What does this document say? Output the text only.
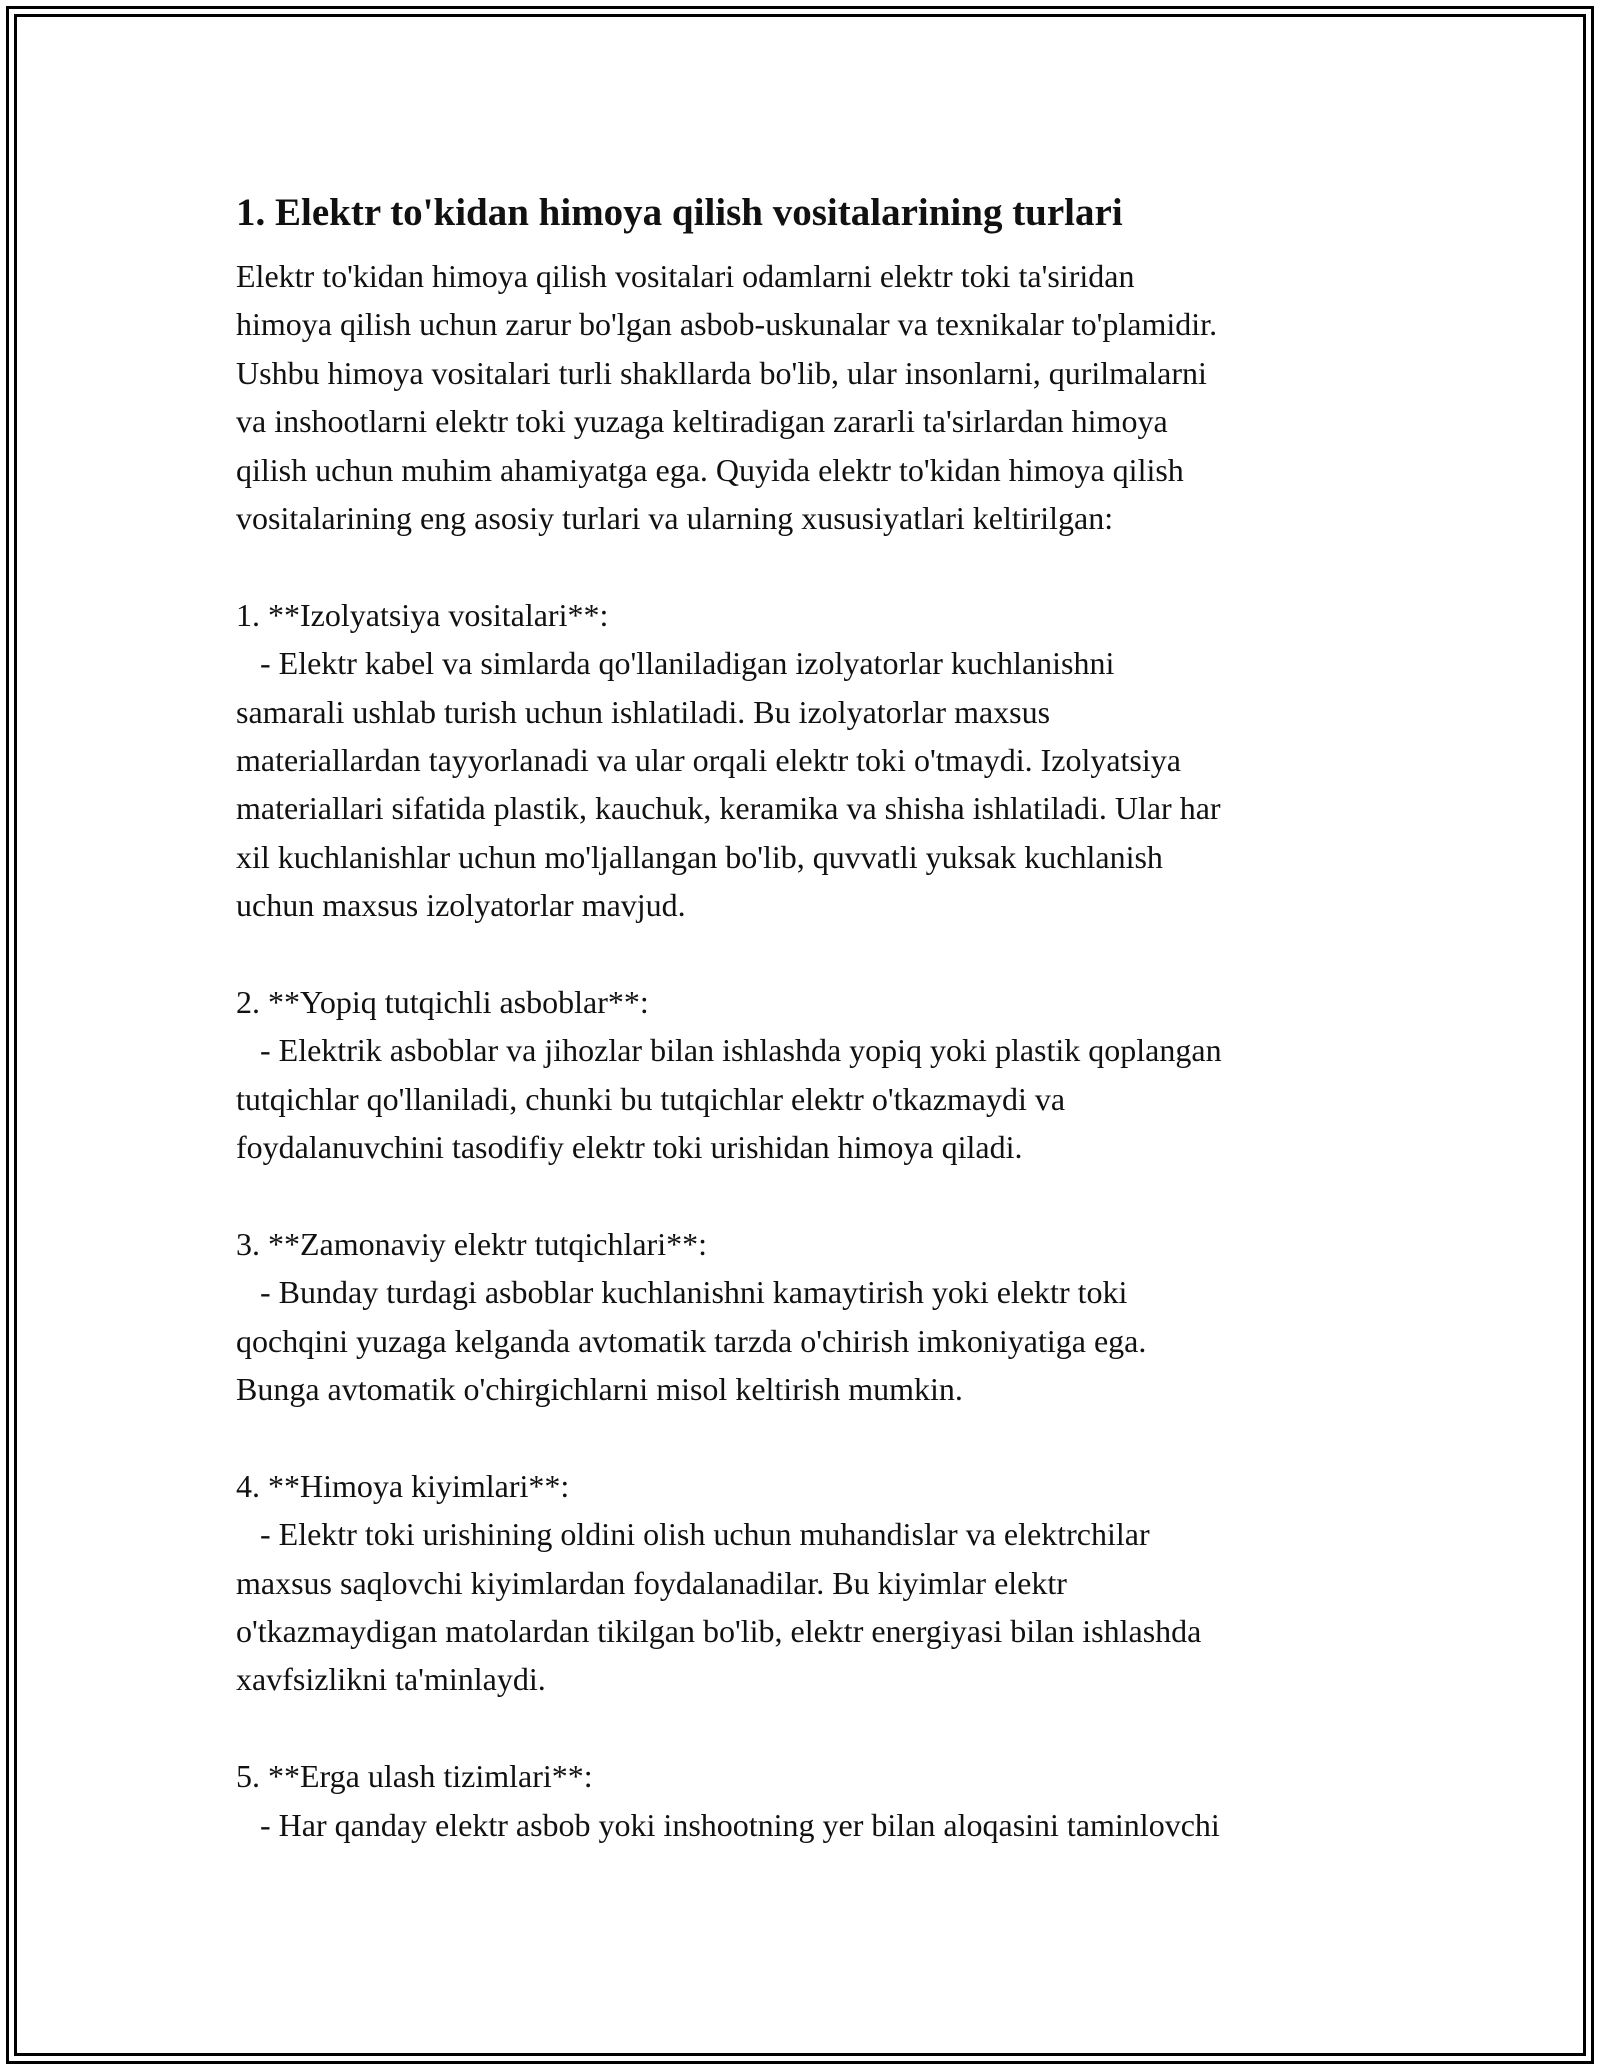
1. Elektr to'kidan himoya qilish vositalarining turlari
Elektr to'kidan himoya qilish vositalari odamlarni elektr toki ta'siridan
himoya qilish uchun zarur bo'lgan asbob-uskunalar va texnikalar to'plamidir.
Ushbu himoya vositalari turli shakllarda bo'lib, ular insonlarni, qurilmalarni
va inshootlarni elektr toki yuzaga keltiradigan zararli ta'sirlardan himoya
qilish uchun muhim ahamiyatga ega. Quyida elektr to'kidan himoya qilish
vositalarining eng asosiy turlari va ularning xususiyatlari keltirilgan:
1. **Izolyatsiya vositalari**:
- Elektr kabel va simlarda qo'llaniladigan izolyatorlar kuchlanishni
samarali ushlab turish uchun ishlatiladi. Bu izolyatorlar maxsus
materiallardan tayyorlanadi va ular orqali elektr toki o'tmaydi. Izolyatsiya
materiallari sifatida plastik, kauchuk, keramika va shisha ishlatiladi. Ular har
xil kuchlanishlar uchun mo'ljallangan bo'lib, quvvatli yuksak kuchlanish
uchun maxsus izolyatorlar mavjud.
2. **Yopiq tutqichli asboblar**:
- Elektrik asboblar va jihozlar bilan ishlashda yopiq yoki plastik qoplangan
tutqichlar qo'llaniladi, chunki bu tutqichlar elektr o'tkazmaydi va
foydalanuvchini tasodifiy elektr toki urishidan himoya qiladi.
3. **Zamonaviy elektr tutqichlari**:
- Bunday turdagi asboblar kuchlanishni kamaytirish yoki elektr toki
qochqini yuzaga kelganda avtomatik tarzda o'chirish imkoniyatiga ega.
Bunga avtomatik o'chirgichlarni misol keltirish mumkin.
4. **Himoya kiyimlari**:
- Elektr toki urishining oldini olish uchun muhandislar va elektrchilar
maxsus saqlovchi kiyimlardan foydalanadilar. Bu kiyimlar elektr
o'tkazmaydigan matolardan tikilgan bo'lib, elektr energiyasi bilan ishlashda
xavfsizlikni ta'minlaydi.
5. **Erga ulash tizimlari**:
- Har qanday elektr asbob yoki inshootning yer bilan aloqasini taminlovchi
